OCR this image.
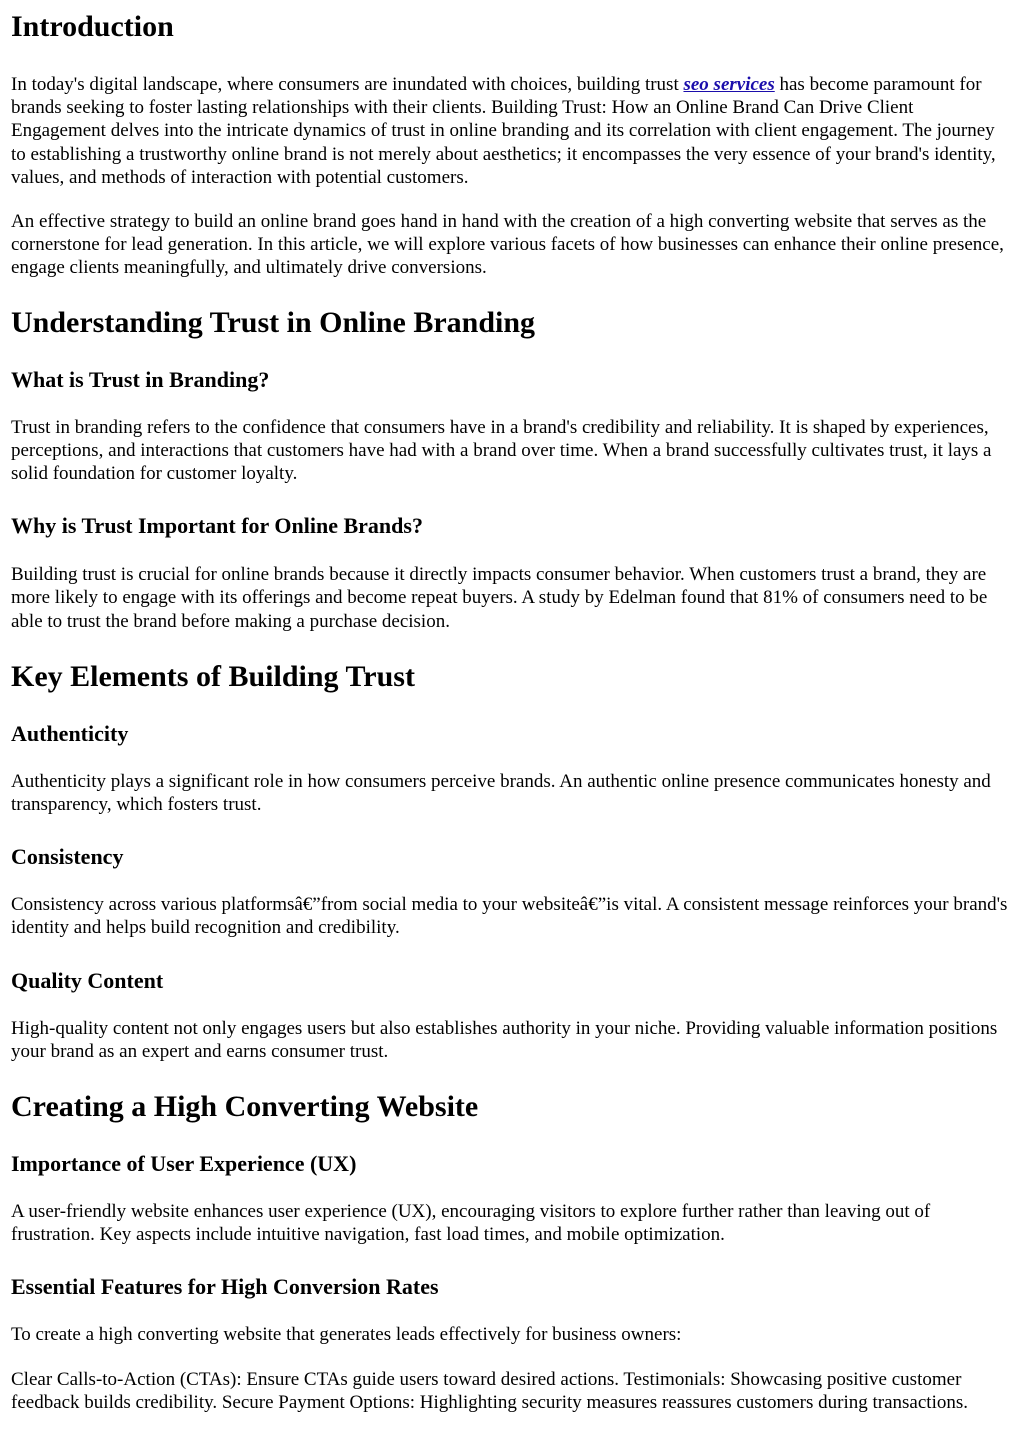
Introduction

In today's digital landscape, where consumers are inundated with choices, building trust seo services has become paramount for brands seeking to foster lasting relationships with their clients. Building Trust: How an Online Brand Can Drive Client Engagement delves into the intricate dynamics of trust in online branding and its correlation with client engagement. The journey to establishing a trustworthy online brand is not merely about aesthetics; it encompasses the very essence of your brand's identity, values, and methods of interaction with potential customers.

An effective strategy to build an online brand goes hand in hand with the creation of a high converting website that serves as the cornerstone for lead generation. In this article, we will explore various facets of how businesses can enhance their online presence, engage clients meaningfully, and ultimately drive conversions.

Understanding Trust in Online Branding
What is Trust in Branding?

Trust in branding refers to the confidence that consumers have in a brand's credibility and reliability. It is shaped by experiences, perceptions, and interactions that customers have had with a brand over time. When a brand successfully cultivates trust, it lays a solid foundation for customer loyalty.

Why is Trust Important for Online Brands?

Building trust is crucial for online brands because it directly impacts consumer behavior. When customers trust a brand, they are more likely to engage with its offerings and become repeat buyers. A study by Edelman found that 81% of consumers need to be able to trust the brand before making a purchase decision.

Key Elements of Building Trust
Authenticity

Authenticity plays a significant role in how consumers perceive brands. An authentic online presence communicates honesty and transparency, which fosters trust.

Consistency

Consistency across various platformsâ€”from social media to your websiteâ€”is vital. A consistent message reinforces your brand's identity and helps build recognition and credibility.

Quality Content

High-quality content not only engages users but also establishes authority in your niche. Providing valuable information positions your brand as an expert and earns consumer trust.

Creating a High Converting Website
Importance of User Experience (UX)

A user-friendly website enhances user experience (UX), encouraging visitors to explore further rather than leaving out of frustration. Key aspects include intuitive navigation, fast load times, and mobile optimization.

Essential Features for High Conversion Rates

To create a high converting website that generates leads effectively for business owners:

Clear Calls-to-Action (CTAs): Ensure CTAs guide users toward desired actions. Testimonials: Showcasing positive customer feedback builds credibility. Secure Payment Options: Highlighting security measures reassures customers during transactions.
